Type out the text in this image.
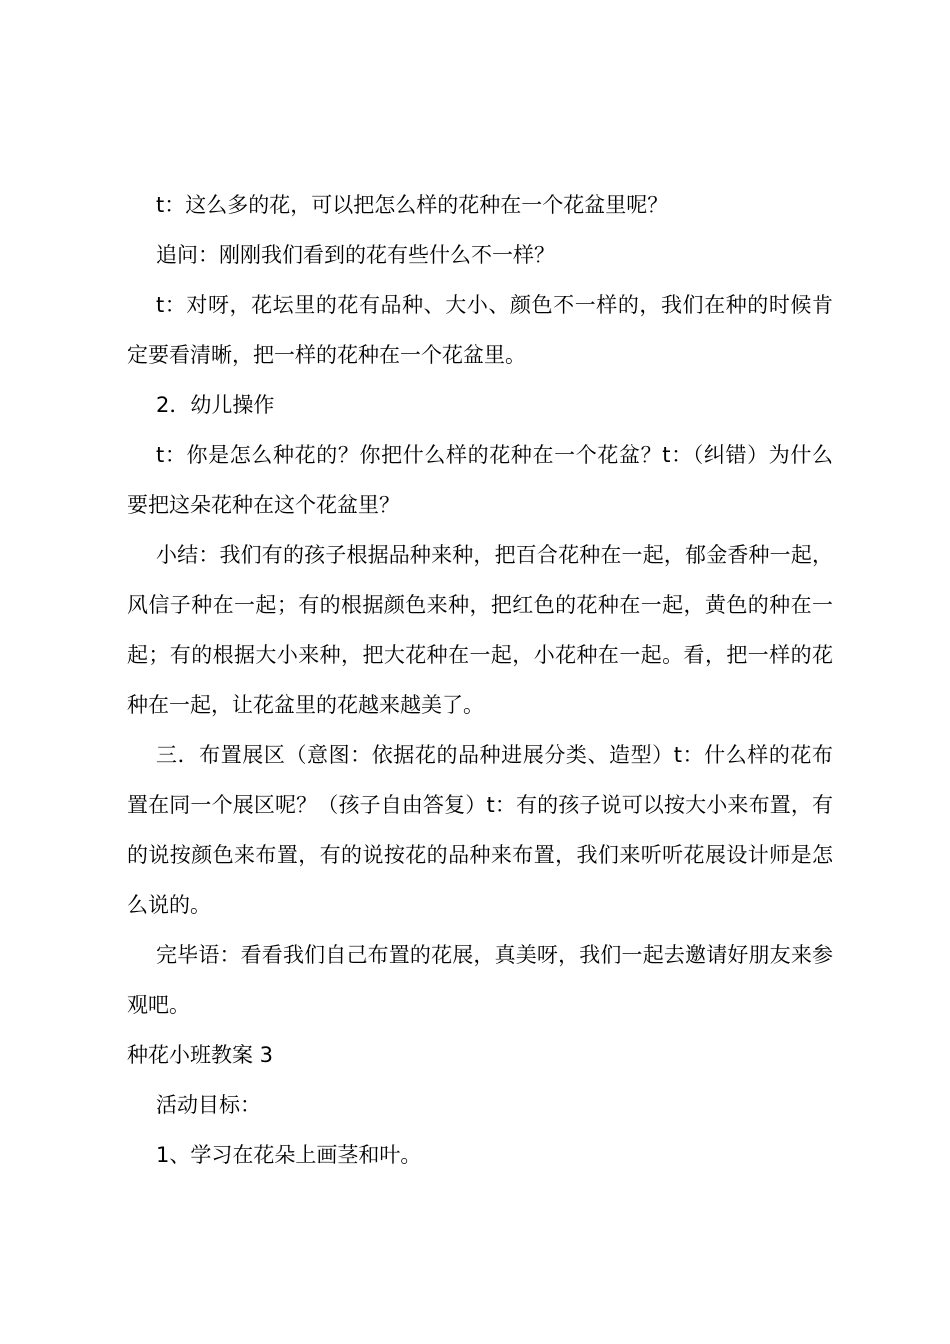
t：这么多的花，可以把怎么样的花种在一个花盆里呢？

追问：刚刚我们看到的花有些什么不一样？

t：对呀，花坛里的花有品种、大小、颜色不一样的，我们在种的时候肯定要看清晰，把一样的花种在一个花盆里。

2．幼儿操作

t：你是怎么种花的？你把什么样的花种在一个花盆？t：（纠错）为什么要把这朵花种在这个花盆里？

小结：我们有的孩子根据品种来种，把百合花种在一起，郁金香种一起，风信子种在一起；有的根据颜色来种，把红色的花种在一起，黄色的种在一起；有的根据大小来种，把大花种在一起，小花种在一起。看，把一样的花种在一起，让花盆里的花越来越美了。

三．布置展区（意图：依据花的品种进展分类、造型）t：什么样的花布置在同一个展区呢？（孩子自由答复）t：有的孩子说可以按大小来布置，有的说按颜色来布置，有的说按花的品种来布置，我们来听听花展设计师是怎么说的。

完毕语：看看我们自己布置的花展，真美呀，我们一起去邀请好朋友来参观吧。

种花小班教案 3

活动目标：

1、学习在花朵上画茎和叶。
